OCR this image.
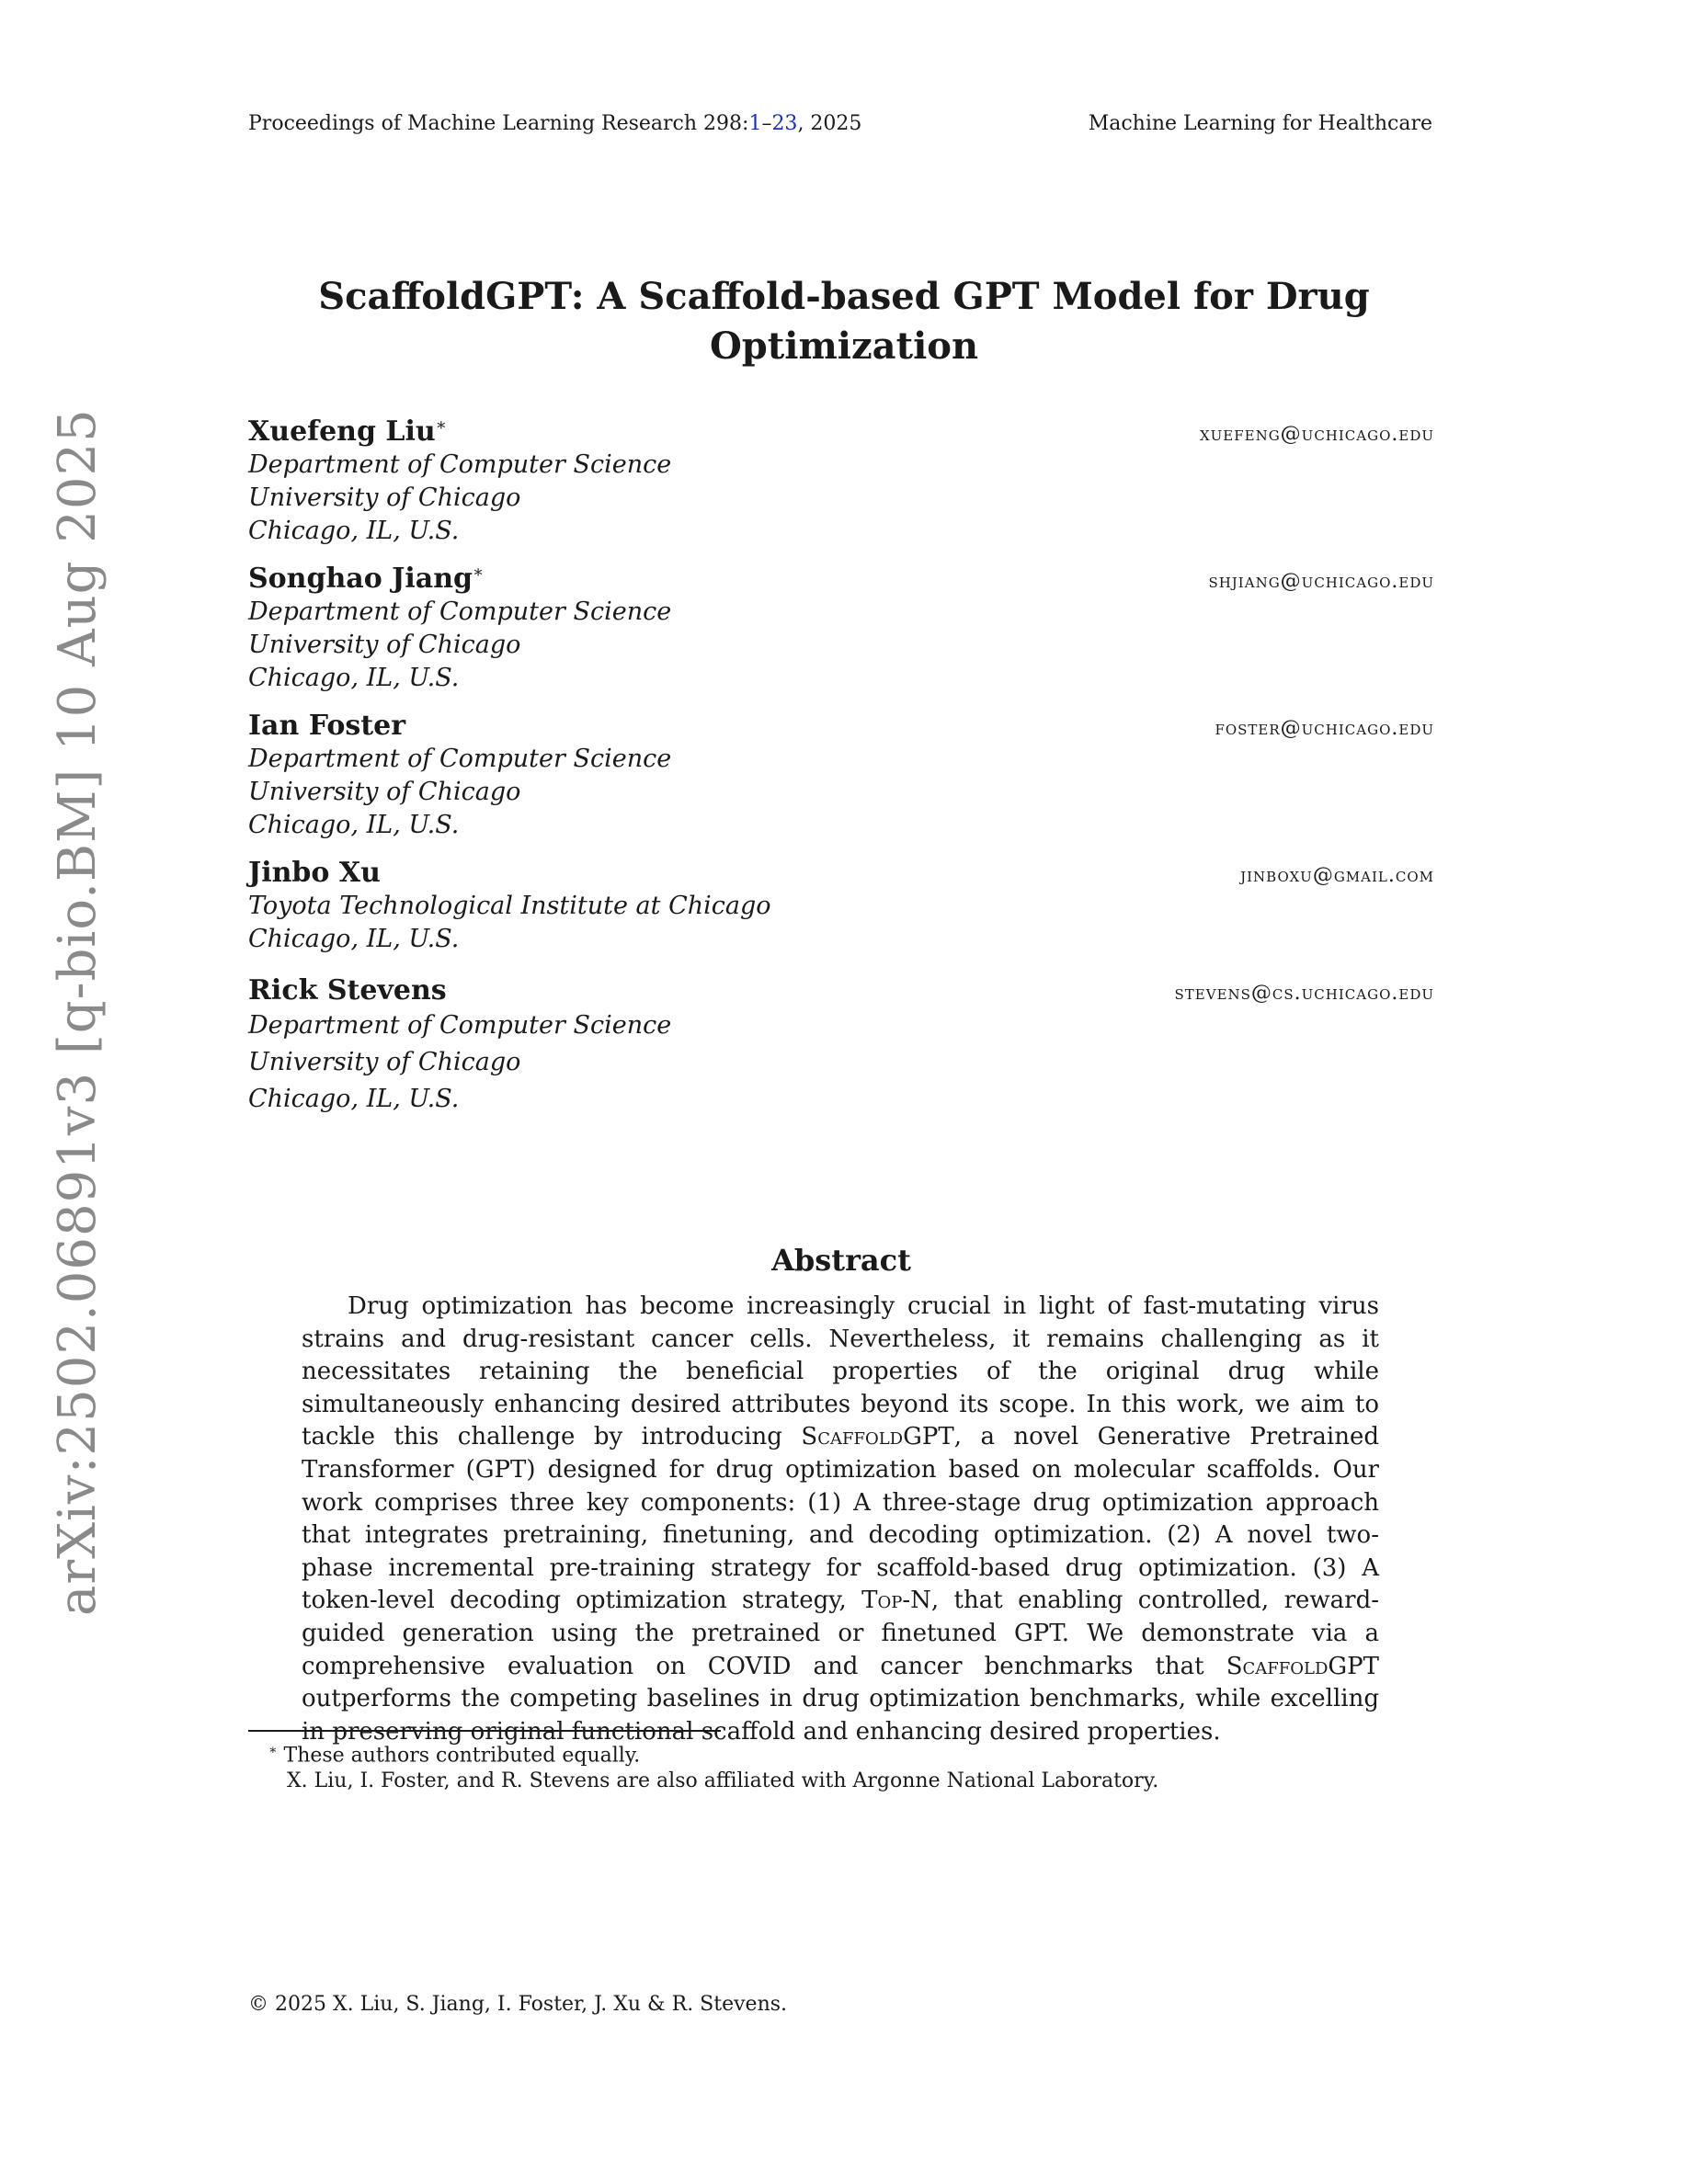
Proceedings of Machine Learning Research 298:1–23, 2025	Machine Learning for Healthcare
ScaffoldGPT: A Scaffold-based GPT Model for Drug
Optimization
Xuefeng Liu∗	xuefeng@uchicago.edu
Department of Computer Science
University of Chicago
Chicago, IL, U.S.
Songhao Jiang∗	shjiang@uchicago.edu
Department of Computer Science
University of Chicago
Chicago, IL, U.S.
Ian Foster	foster@uchicago.edu
Department of Computer Science
University of Chicago
Chicago, IL, U.S.
Jinbo Xu	jinboxu@gmail.com
Toyota Technological Institute at Chicago
Chicago, IL, U.S.
Rick Stevens	stevens@cs.uchicago.edu
Department of Computer Science
University of Chicago
Chicago, IL, U.S.
arXiv:2502.06891v3 [q-bio.BM] 10 Aug 2025	Abstract
Drug optimization has become increasingly crucial in light of fast-mutating virus strains and drug-resistant cancer cells. Nevertheless, it remains challenging as it necessitates retaining the beneficial properties of the original drug while simultaneously enhancing desired attributes beyond its scope. In this work, we aim to tackle this challenge by introducing ScaffoldGPT, a novel Generative Pretrained Transformer (GPT) designed for drug optimization based on molecular scaffolds. Our work comprises three key components: (1) A three-stage drug optimization approach that integrates pretraining, finetuning, and decoding optimization. (2) A novel two-phase incremental pre-training strategy for scaffold-based drug optimization. (3) A token-level decoding optimization strategy, Top-N, that enabling controlled, reward-guided generation using the pretrained or finetuned GPT. We demonstrate via a comprehensive evaluation on COVID and cancer benchmarks that ScaffoldGPT outperforms the competing baselines in drug optimization benchmarks, while excelling in preserving original functional scaffold and enhancing desired properties.
∗ These authors contributed equally.
X. Liu, I. Foster, and R. Stevens are also affiliated with Argonne National Laboratory.
© 2025 X. Liu, S. Jiang, I. Foster, J. Xu & R. Stevens.
